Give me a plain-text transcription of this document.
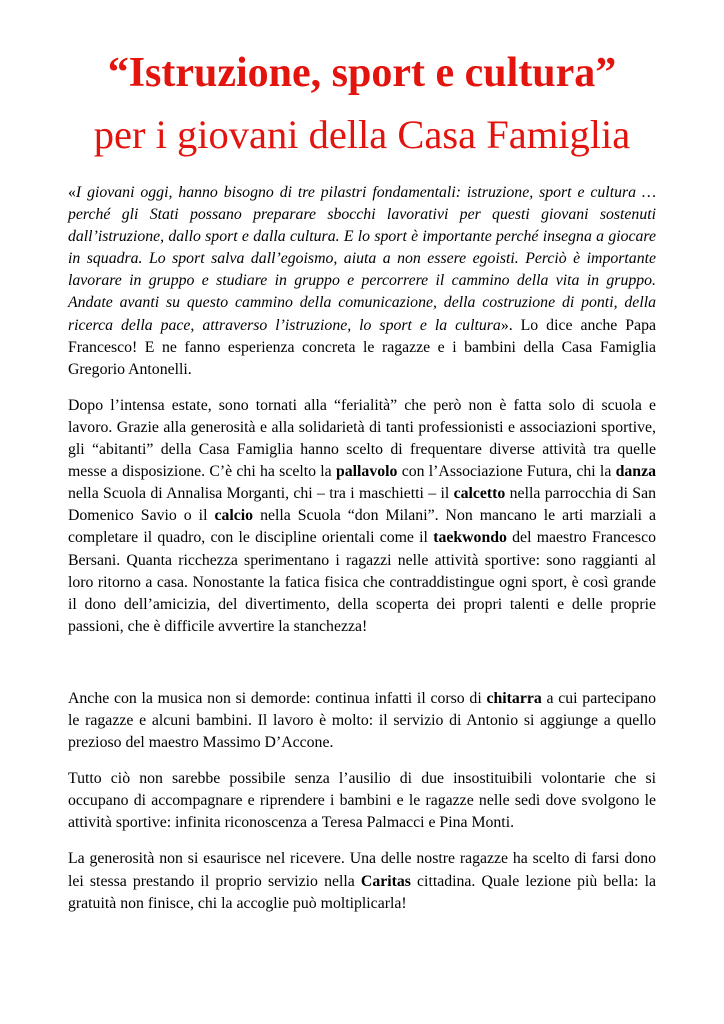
“Istruzione, sport e cultura”
per i giovani della Casa Famiglia

«I giovani oggi, hanno bisogno di tre pilastri fondamentali: istruzione, sport e cultura … perché gli Stati possano preparare sbocchi lavorativi per questi giovani sostenuti dall’istruzione, dallo sport e dalla cultura. E lo sport è importante perché insegna a giocare in squadra. Lo sport salva dall’egoismo, aiuta a non essere egoisti. Perciò è importante lavorare in gruppo e studiare in gruppo e percorrere il cammino della vita in gruppo. Andate avanti su questo cammino della comunicazione, della costruzione di ponti, della ricerca della pace, attraverso l’istruzione, lo sport e la cultura». Lo dice anche Papa Francesco! E ne fanno esperienza concreta le ragazze e i bambini della Casa Famiglia Gregorio Antonelli.

Dopo l’intensa estate, sono tornati alla “ferialità” che però non è fatta solo di scuola e lavoro. Grazie alla generosità e alla solidarietà di tanti professionisti e associazioni sportive, gli “abitanti” della Casa Famiglia hanno scelto di frequentare diverse attività tra quelle messe a disposizione. C’è chi ha scelto la pallavolo con l’Associazione Futura, chi la danza nella Scuola di Annalisa Morganti, chi – tra i maschietti – il calcetto nella parrocchia di San Domenico Savio o il calcio nella Scuola “don Milani”. Non mancano le arti marziali a completare il quadro, con le discipline orientali come il taekwondo del maestro Francesco Bersani. Quanta ricchezza sperimentano i ragazzi nelle attività sportive: sono raggianti al loro ritorno a casa. Nonostante la fatica fisica che contraddistingue ogni sport, è così grande il dono dell’amicizia, del divertimento, della scoperta dei propri talenti e delle proprie passioni, che è difficile avvertire la stanchezza!

Anche con la musica non si demorde: continua infatti il corso di chitarra a cui partecipano le ragazze e alcuni bambini. Il lavoro è molto: il servizio di Antonio si aggiunge a quello prezioso del maestro Massimo D’Accone.

Tutto ciò non sarebbe possibile senza l’ausilio di due insostituibili volontarie che si occupano di accompagnare e riprendere i bambini e le ragazze nelle sedi dove svolgono le attività sportive: infinita riconoscenza a Teresa Palmacci e Pina Monti.

La generosità non si esaurisce nel ricevere. Una delle nostre ragazze ha scelto di farsi dono lei stessa prestando il proprio servizio nella Caritas cittadina. Quale lezione più bella: la gratuità non finisce, chi la accoglie può moltiplicarla!
